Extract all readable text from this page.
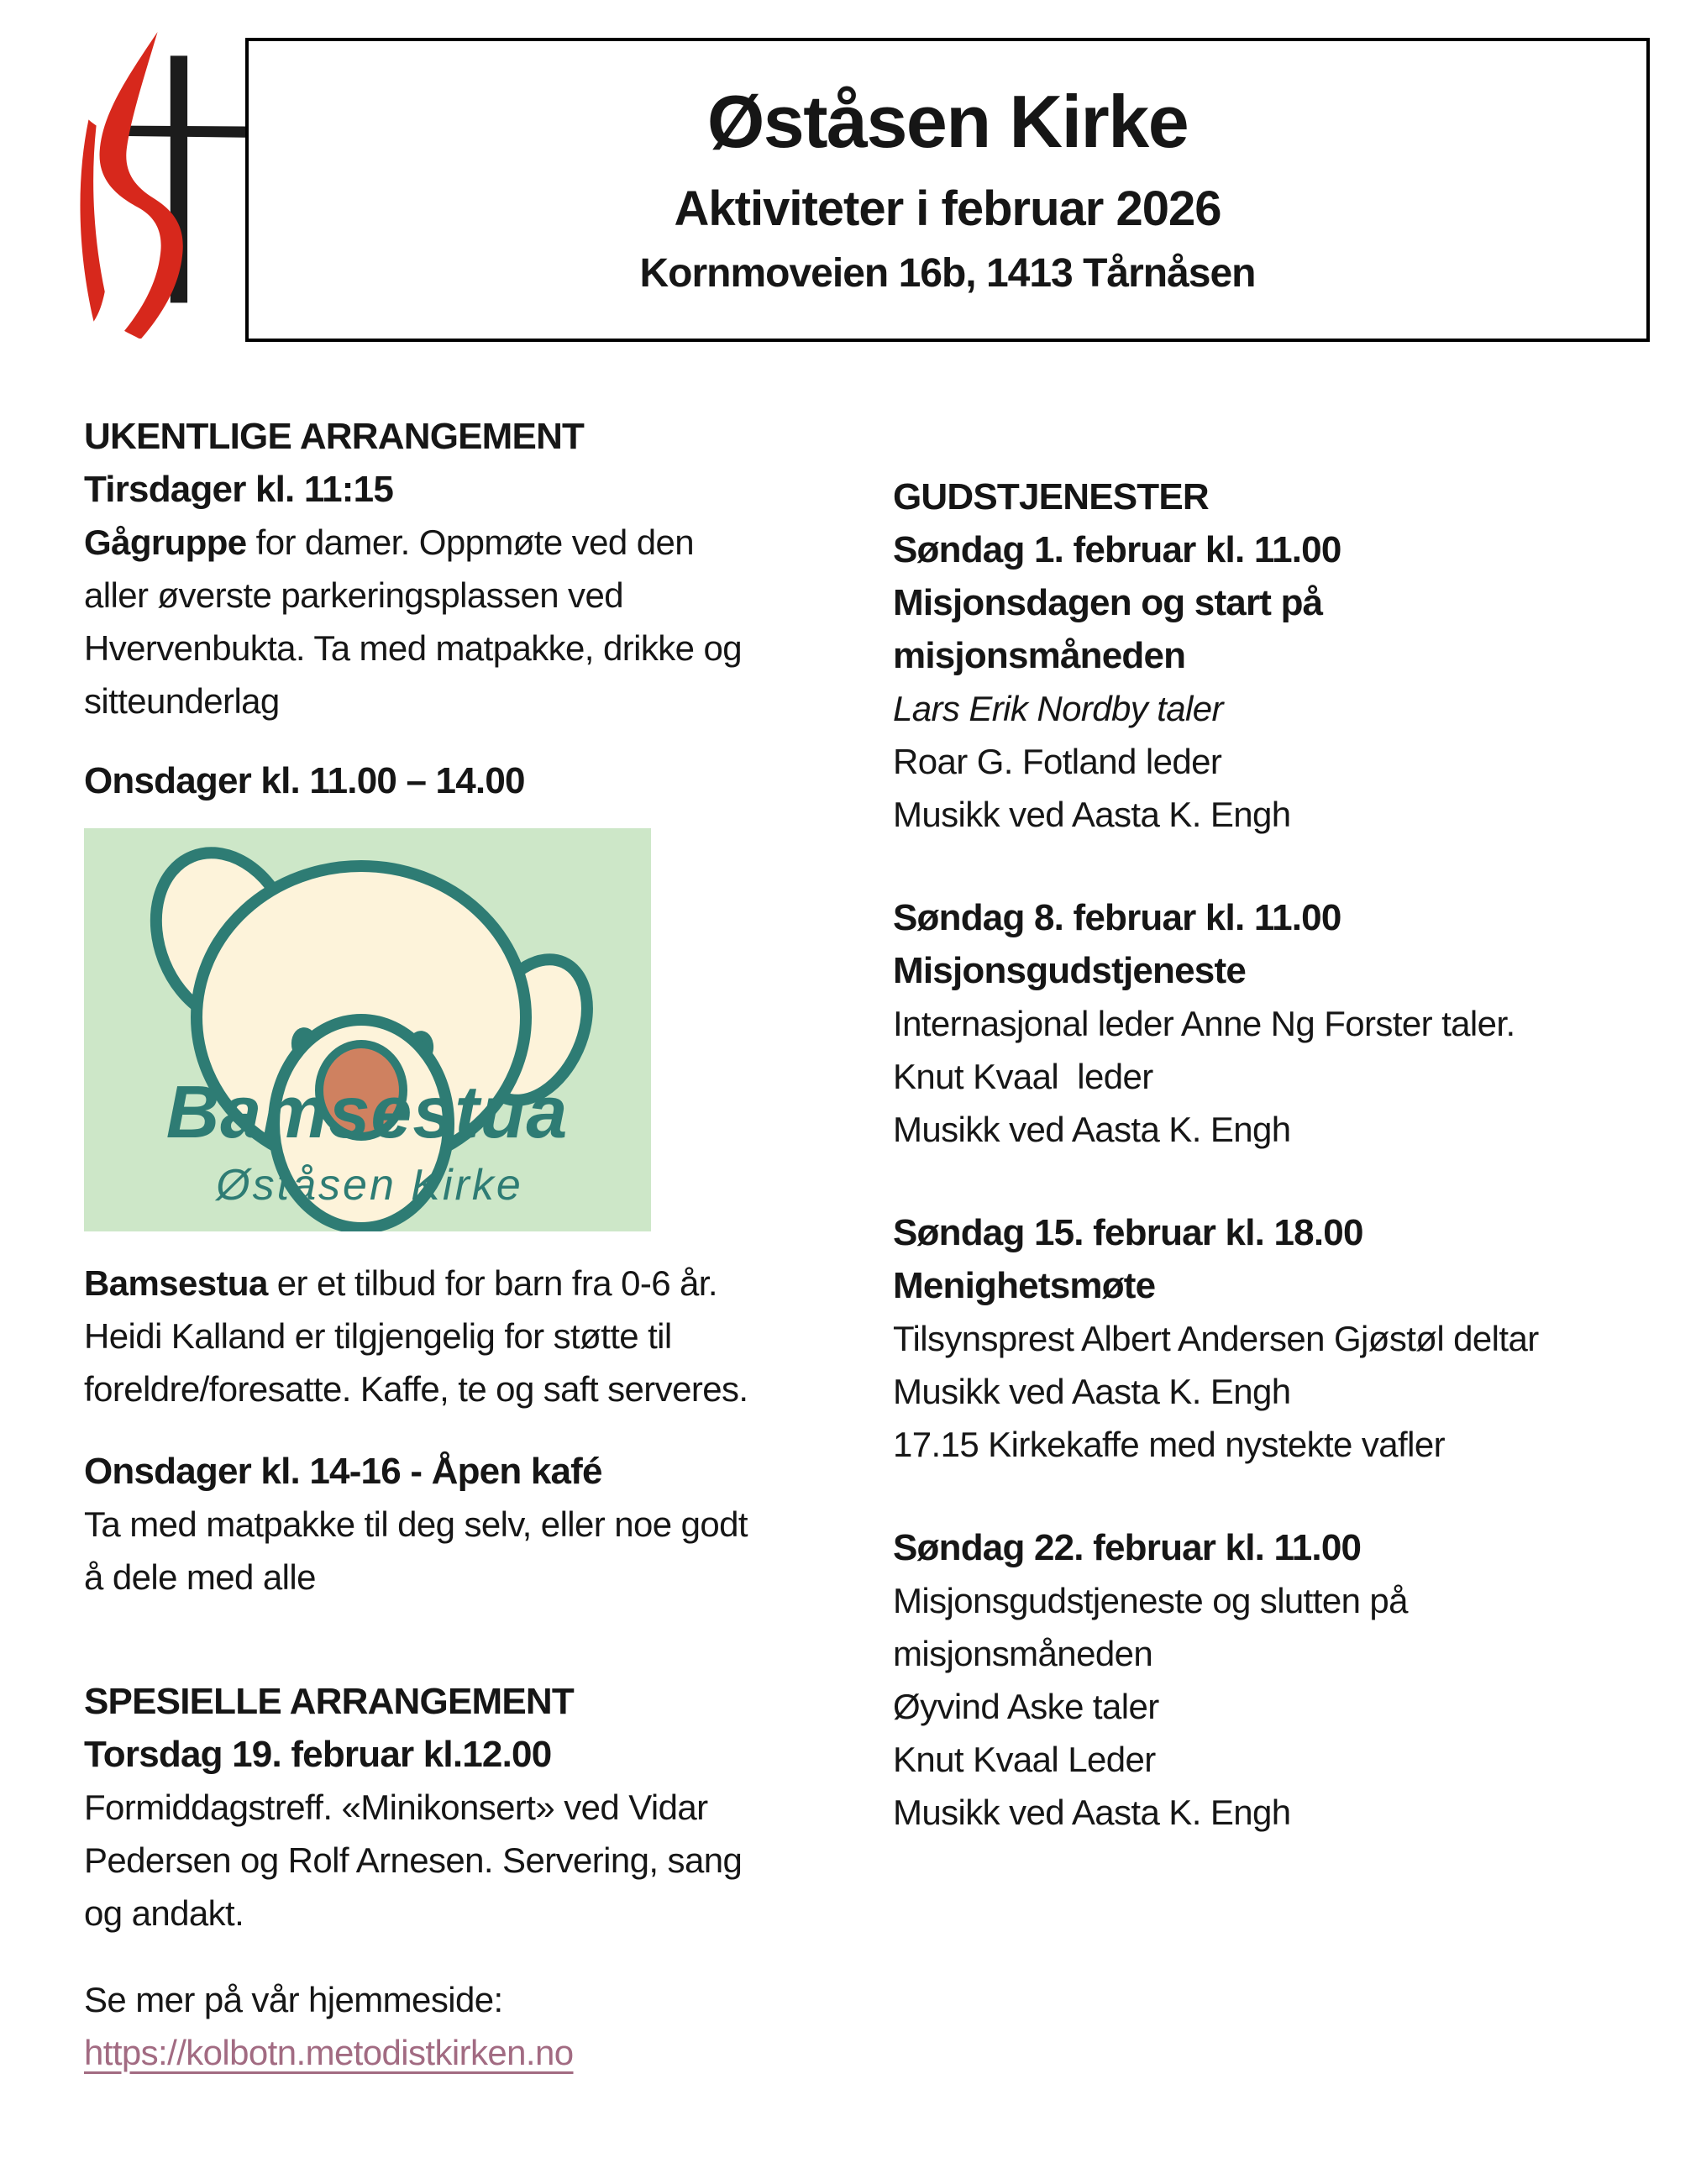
Øståsen Kirke
Aktiviteter i februar 2026
Kornmoveien 16b, 1413 Tårnåsen

UKENTLIGE ARRANGEMENT

Tirsdager kl. 11:15

Gågruppe for damer. Oppmøte ved den aller øverste parkeringsplassen ved Hvervenbukta. Ta med matpakke, drikke og sitteunderlag

Onsdager kl. 11.00 – 14.00

Bamsestua
Øståsen Kirke

Bamsestua er et tilbud for barn fra 0-6 år. Heidi Kalland er tilgjengelig for støtte til foreldre/foresatte. Kaffe, te og saft serveres.

Onsdager kl. 14-16 - Åpen kafé

Ta med matpakke til deg selv, eller noe godt å dele med alle

SPESIELLE ARRANGEMENT

Torsdag 19. februar kl.12.00

Formiddagstreff. «Minikonsert» ved Vidar Pedersen og Rolf Arnesen. Servering, sang og andakt.

Se mer på vår hjemmeside:

https://kolbotn.metodistkirken.no

GUDSTJENESTER

Søndag 1. februar kl. 11.00

Misjonsdagen og start på misjonsmåneden

Lars Erik Nordby taler

Roar G. Fotland leder

Musikk ved Aasta K. Engh

Søndag 8. februar kl. 11.00

Misjonsgudstjeneste

Internasjonal leder Anne Ng Forster taler.

Knut Kvaal  leder

Musikk ved Aasta K. Engh

Søndag 15. februar kl. 18.00

Menighetsmøte

Tilsynsprest Albert Andersen Gjøstøl deltar

Musikk ved Aasta K. Engh

17.15 Kirkekaffe med nystekte vafler

Søndag 22. februar kl. 11.00

Misjonsgudstjeneste og slutten på misjonsmåneden

Øyvind Aske taler

Knut Kvaal Leder

Musikk ved Aasta K. Engh
